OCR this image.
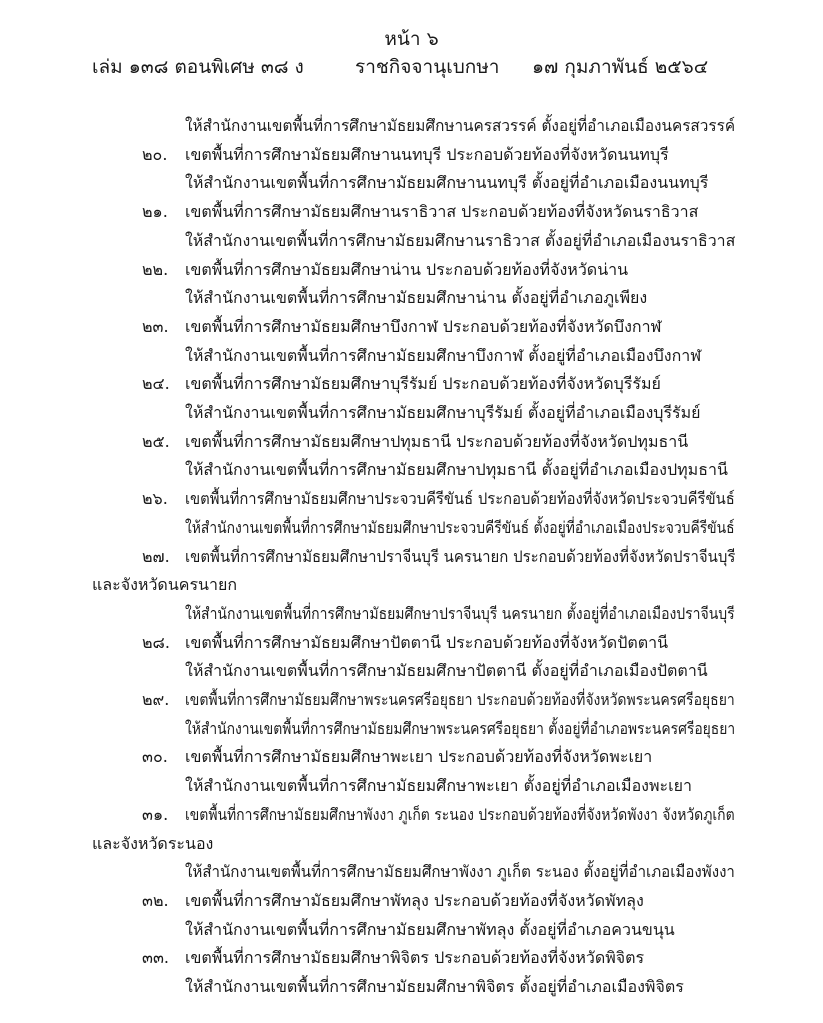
หน้า ๖
เล่ม ๑๓๘ ตอนพิเศษ ๓๘ ง	ราชกิจจานุเบกษา ๑๗ กุมภาพันธ์ ๒๕๖๔
ให้สำนักงานเขตพื้นที่การศึกษามัธยมศึกษานครสวรรค์ ตั้งอยู่ที่อำเภอเมืองนครสวรรค์
๒๐. เขตพื้นที่การศึกษามัธยมศึกษานนทบุรี ประกอบด้วยท้องที่จังหวัดนนทบุรี
ให้สำนักงานเขตพื้นที่การศึกษามัธยมศึกษานนทบุรี ตั้งอยู่ที่อำเภอเมืองนนทบุรี
๒๑. เขตพื้นที่การศึกษามัธยมศึกษานราธิวาส ประกอบด้วยท้องที่จังหวัดนราธิวาส
ให้สำนักงานเขตพื้นที่การศึกษามัธยมศึกษานราธิวาส ตั้งอยู่ที่อำเภอเมืองนราธิวาส
๒๒. เขตพื้นที่การศึกษามัธยมศึกษาน่าน ประกอบด้วยท้องที่จังหวัดน่าน
ให้สำนักงานเขตพื้นที่การศึกษามัธยมศึกษาน่าน ตั้งอยู่ที่อำเภอภูเพียง
๒๓. เขตพื้นที่การศึกษามัธยมศึกษาบึงกาฬ ประกอบด้วยท้องที่จังหวัดบึงกาฬ
ให้สำนักงานเขตพื้นที่การศึกษามัธยมศึกษาบึงกาฬ ตั้งอยู่ที่อำเภอเมืองบึงกาฬ
๒๔. เขตพื้นที่การศึกษามัธยมศึกษาบุรีรัมย์ ประกอบด้วยท้องที่จังหวัดบุรีรัมย์
ให้สำนักงานเขตพื้นที่การศึกษามัธยมศึกษาบุรีรัมย์ ตั้งอยู่ที่อำเภอเมืองบุรีรัมย์
๒๕. เขตพื้นที่การศึกษามัธยมศึกษาปทุมธานี ประกอบด้วยท้องที่จังหวัดปทุมธานี
ให้สำนักงานเขตพื้นที่การศึกษามัธยมศึกษาปทุมธานี ตั้งอยู่ที่อำเภอเมืองปทุมธานี
๒๖. เขตพื้นที่การศึกษามัธยมศึกษาประจวบคีรีขันธ์ ประกอบด้วยท้องที่จังหวัดประจวบคีรีขันธ์
ให้สำนักงานเขตพื้นที่การศึกษามัธยมศึกษาประจวบคีรีขันธ์ ตั้งอยู่ที่อำเภอเมืองประจวบคีรีขันธ์
๒๗. เขตพื้นที่การศึกษามัธยมศึกษาปราจีนบุรี นครนายก ประกอบด้วยท้องที่จังหวัดปราจีนบุรี
และจังหวัดนครนายก
ให้สำนักงานเขตพื้นที่การศึกษามัธยมศึกษาปราจีนบุรี นครนายก ตั้งอยู่ที่อำเภอเมืองปราจีนบุรี
๒๘. เขตพื้นที่การศึกษามัธยมศึกษาปัตตานี ประกอบด้วยท้องที่จังหวัดปัตตานี
ให้สำนักงานเขตพื้นที่การศึกษามัธยมศึกษาปัตตานี ตั้งอยู่ที่อำเภอเมืองปัตตานี
๒๙. เขตพื้นที่การศึกษามัธยมศึกษาพระนครศรีอยุธยา ประกอบด้วยท้องที่จังหวัดพระนครศรีอยุธยา
ให้สำนักงานเขตพื้นที่การศึกษามัธยมศึกษาพระนครศรีอยุธยา ตั้งอยู่ที่อำเภอพระนครศรีอยุธยา
๓๐. เขตพื้นที่การศึกษามัธยมศึกษาพะเยา ประกอบด้วยท้องที่จังหวัดพะเยา
ให้สำนักงานเขตพื้นที่การศึกษามัธยมศึกษาพะเยา ตั้งอยู่ที่อำเภอเมืองพะเยา
๓๑. เขตพื้นที่การศึกษามัธยมศึกษาพังงา ภูเก็ต ระนอง ประกอบด้วยท้องที่จังหวัดพังงา จังหวัดภูเก็ต
และจังหวัดระนอง
ให้สำนักงานเขตพื้นที่การศึกษามัธยมศึกษาพังงา ภูเก็ต ระนอง ตั้งอยู่ที่อำเภอเมืองพังงา
๓๒. เขตพื้นที่การศึกษามัธยมศึกษาพัทลุง ประกอบด้วยท้องที่จังหวัดพัทลุง
ให้สำนักงานเขตพื้นที่การศึกษามัธยมศึกษาพัทลุง ตั้งอยู่ที่อำเภอควนขนุน
๓๓. เขตพื้นที่การศึกษามัธยมศึกษาพิจิตร ประกอบด้วยท้องที่จังหวัดพิจิตร
ให้สำนักงานเขตพื้นที่การศึกษามัธยมศึกษาพิจิตร ตั้งอยู่ที่อำเภอเมืองพิจิตร
